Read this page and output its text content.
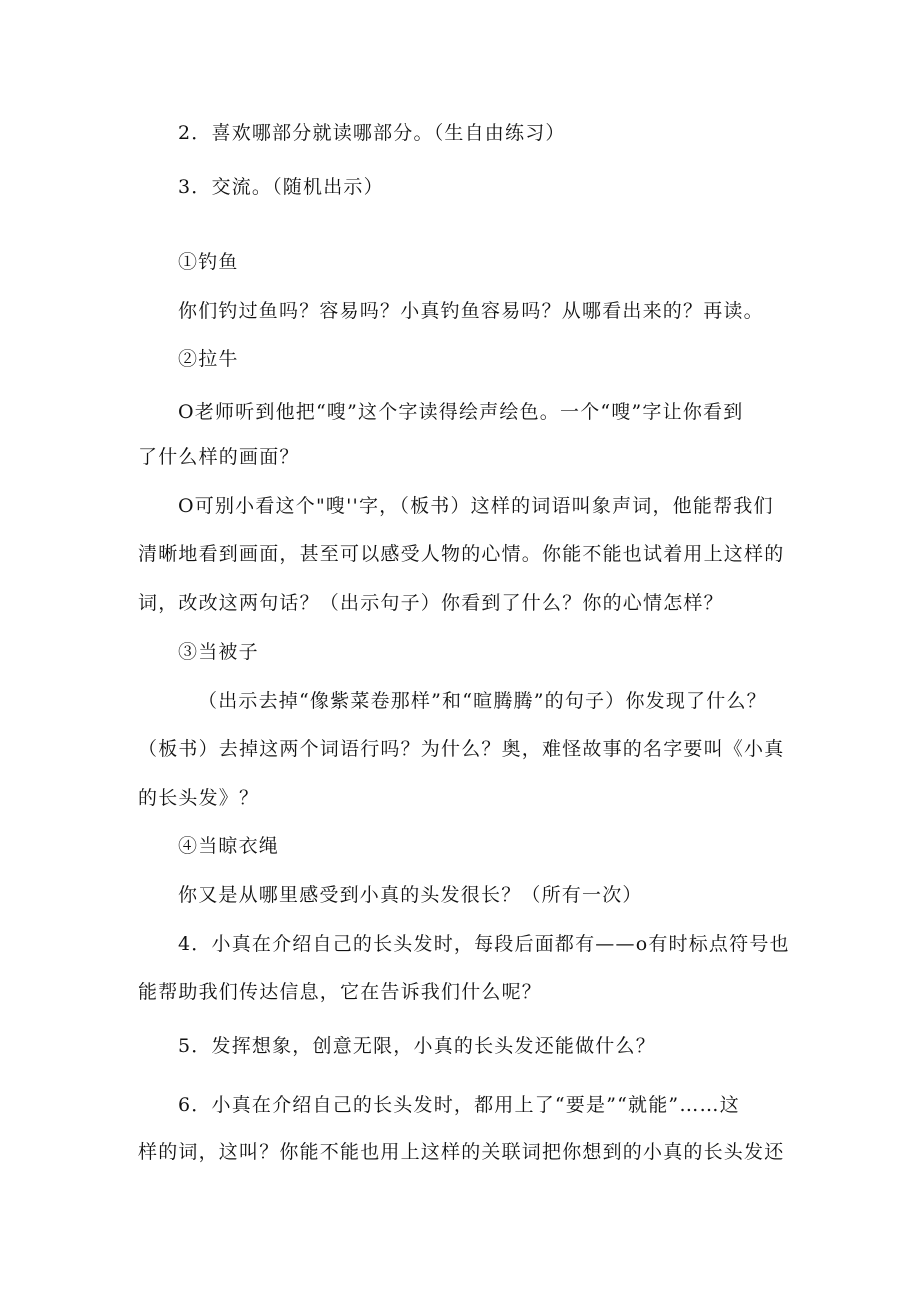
2．喜欢哪部分就读哪部分。（生自由练习）
3．交流。（随机出示）
①钓鱼
你们钓过鱼吗？容易吗？小真钓鱼容易吗？从哪看出来的？再读。
②拉牛
O老师听到他把“嗖”这个字读得绘声绘色。一个“嗖”字让你看到
了什么样的画面？
O可别小看这个"嗖''字，（板书）这样的词语叫象声词，他能帮我们
清晰地看到画面，甚至可以感受人物的心情。你能不能也试着用上这样的
词，改改这两句话？（出示句子）你看到了什么？你的心情怎样？
③当被子
（出示去掉“像紫菜卷那样”和“暄腾腾”的句子）你发现了什么？
（板书）去掉这两个词语行吗？为什么？奥，难怪故事的名字要叫《小真
的长头发》？
④当晾衣绳
你又是从哪里感受到小真的头发很长？（所有一次）
4．小真在介绍自己的长头发时，每段后面都有——o有时标点符号也
能帮助我们传达信息，它在告诉我们什么呢？
5．发挥想象，创意无限，小真的长头发还能做什么？
6．小真在介绍自己的长头发时，都用上了“要是”“就能”……这
样的词，这叫？你能不能也用上这样的关联词把你想到的小真的长头发还
